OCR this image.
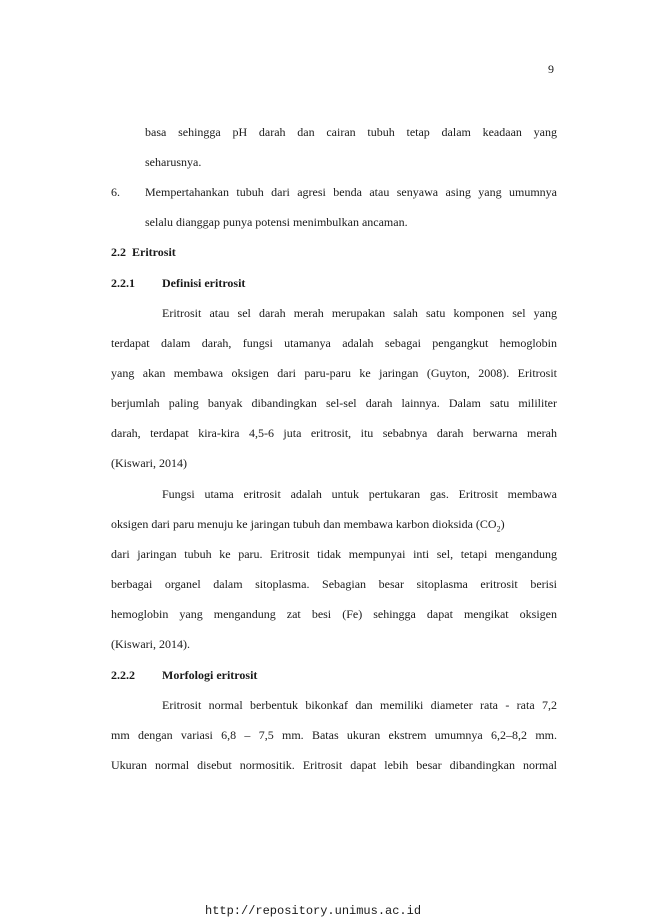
9
basa sehingga pH darah dan cairan tubuh tetap dalam keadaan yang
seharusnya.
6. Mempertahankan tubuh dari agresi benda atau senyawa asing yang umumnya
selalu dianggap punya potensi menimbulkan ancaman.
2.2 Eritrosit
2.2.1 Definisi eritrosit
Eritrosit atau sel darah merah merupakan salah satu komponen sel yang
terdapat dalam darah, fungsi utamanya adalah sebagai pengangkut hemoglobin
yang akan membawa oksigen dari paru-paru ke jaringan (Guyton, 2008). Eritrosit
berjumlah paling banyak dibandingkan sel-sel darah lainnya. Dalam satu mililiter
darah, terdapat kira-kira 4,5-6 juta eritrosit, itu sebabnya darah berwarna merah
(Kiswari, 2014)
Fungsi utama eritrosit adalah untuk pertukaran gas. Eritrosit membawa
oksigen dari paru menuju ke jaringan tubuh dan membawa karbon dioksida $(CO_2)$
dari jaringan tubuh ke paru. Eritrosit tidak mempunyai inti sel, tetapi mengandung
berbagai organel dalam sitoplasma. Sebagian besar sitoplasma eritrosit berisi
hemoglobin yang mengandung zat besi (Fe) sehingga dapat mengikat oksigen
(Kiswari, 2014).
2.2.2 Morfologi eritrosit
Eritrosit normal berbentuk bikonkaf dan memiliki diameter rata - rata 7,2
mm dengan variasi 6,8 – 7,5 mm. Batas ukuran ekstrem umumnya 6,2–8,2 mm.
Ukuran normal disebut normositik. Eritrosit dapat lebih besar dibandingkan normal
http://repository.unimus.ac.id
